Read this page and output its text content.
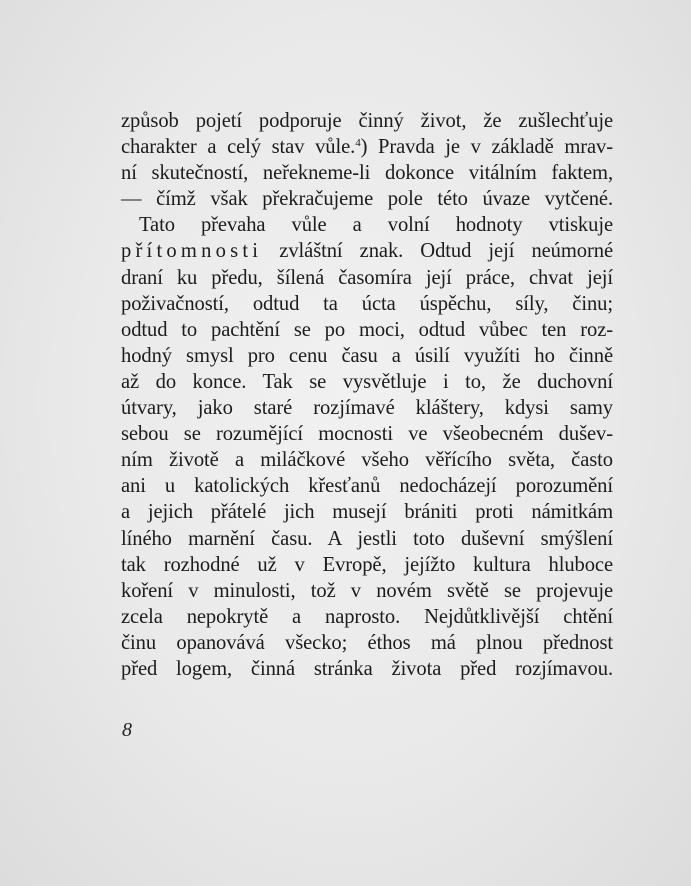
způsob pojetí podporuje činný život, že zušlechťuje
charakter a celý stav vůle.$^4$) Pravda je v základě mrav-
ní skutečností, neřekneme-li dokonce vitálním faktem,
— čímž však překračujeme pole této úvaze vytčené.
Tato převaha vůle a volní hodnoty vtiskuje
přítomnosti zvláštní znak. Odtud její neúmorné
draní ku předu, šílená časomíra její práce, chvat její
poživačností, odtud ta úcta úspěchu, síly, činu;
odtud to pachtění se po moci, odtud vůbec ten roz-
hodný smysl pro cenu času a úsilí využíti ho činně
až do konce. Tak se vysvětluje i to, že duchovní
útvary, jako staré rozjímavé kláštery, kdysi samy
sebou se rozumějící mocnosti ve všeobecném dušev-
ním životě a miláčkové všeho věřícího světa, často
ani u katolických křesťanů nedocházejí porozumění
a jejich přátelé jich musejí brániti proti námitkám
líného marnění času. A jestli toto duševní smýšlení
tak rozhodné už v Evropě, jejížto kultura hluboce
koření v minulosti, tož v novém světě se projevuje
zcela nepokrytě a naprosto. Nejdůtklivější chtění
činu opanovává všecko; éthos má plnou přednost
před logem, činná stránka života před rozjímavou.
8
